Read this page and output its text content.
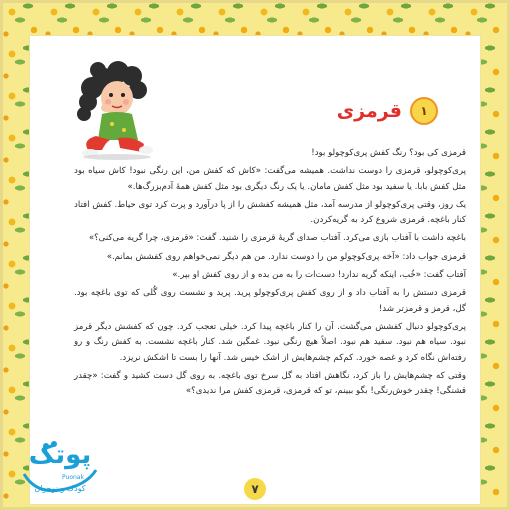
۱
قرمزی

قرمزی کی بود؟ رنگ کفش پری‌کوچولو بود!

پری‌کوچولو، قرمزی را دوست نداشت. همیشه می‌گفت: «کاش که کفش من، این رنگی نبود! کاش سیاه بود مثل کفش بابا. یا سفید بود مثل کفش مامان. یا یک رنگ دیگری بود مثل کفش همهٔ آدم‌بزرگ‌ها.»

یک روز، وقتی پری‌کوچولو از مدرسه آمد، مثل همیشه کفشش را از پا درآورد و پرت کرد توی حیاط. کفش افتاد کنار باغچه. قرمزی شروع کرد به گریه‌کردن.

باغچه داشت با آفتاب بازی می‌کرد. آفتاب صدای گریهٔ قرمزی را شنید. گفت: «قرمزی، چرا گریه می‌کنی؟»

قرمزی جواب داد: «آخه پری‌کوچولو من را دوست ندارد. من هم دیگر نمی‌خواهم روی کفشش بمانم.»

آفتاب گفت: «خُب، اینکه گریه ندارد! دست‌ات را به من بده و از روی کفش او بپر.»

قرمزی دستش را به آفتاب داد و از روی کفش پری‌کوچولو پرید. پرید و نشست روی گُلی که توی باغچه بود. گل، قرمز و قرمزتر شد!

پری‌کوچولو دنبال کفشش می‌گشت. آن را کنار باغچه پیدا کرد. خیلی تعجب کرد. چون که کفشش دیگر قرمز نبود. سیاه هم نبود. سفید هم نبود. اصلاً هیچ رنگی نبود. غمگین شد. کنار باغچه نشست. به کفش رنگ و رو رفته‌اش نگاه کرد و غصه خورد. کم‌کم چشم‌هایش از اشک خیس شد. آنها را بست تا اشکش نریزد.

وقتی که چشم‌هایش را باز کرد، نگاهش افتاد به گل سرخ توی باغچه. به روی گل دست کشید و گفت: «چقدر قشنگی! چقدر خوش‌رنگی! بگو ببینم، تو که قرمزی، قرمزی کفش مرا ندیدی؟»

۷
پوتک
Puonak
کودک و نوجوان
